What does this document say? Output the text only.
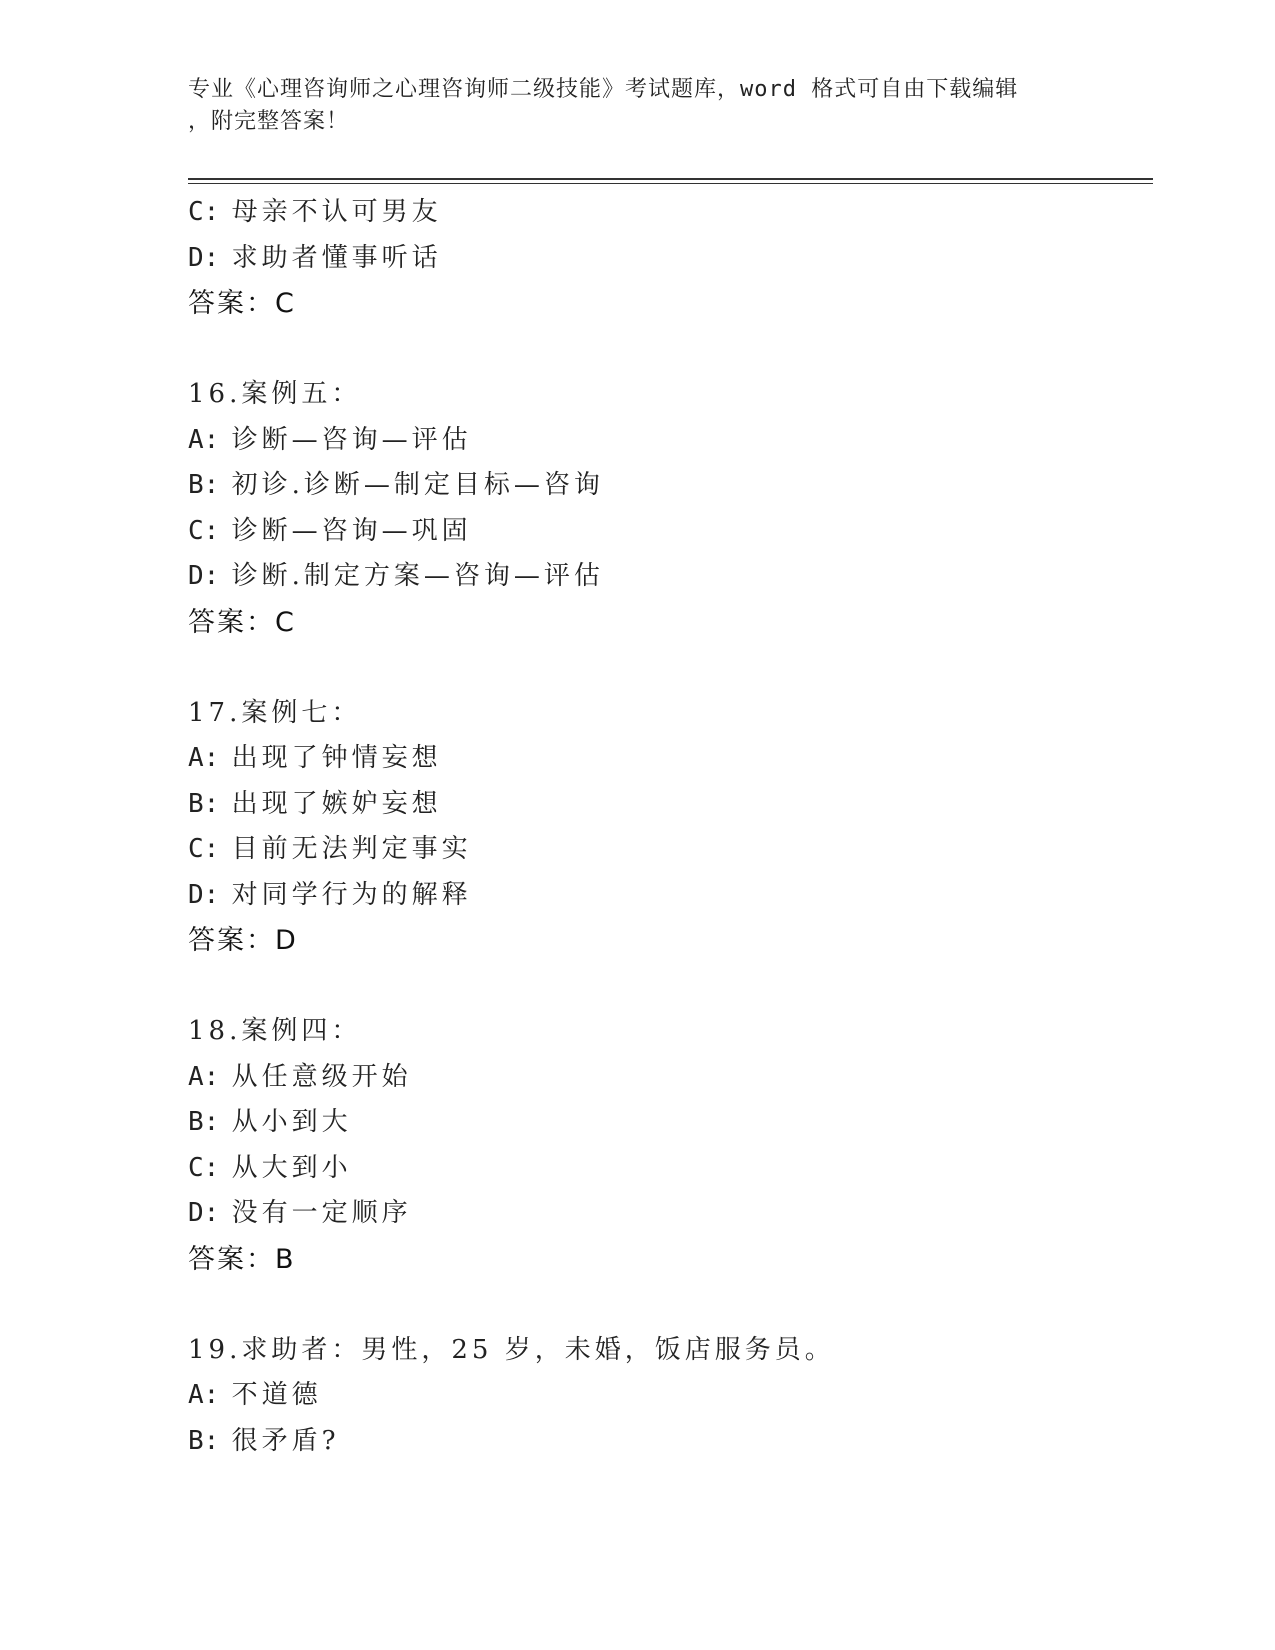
专业《心理咨询师之心理咨询师二级技能》考试题库，word 格式可自由下载编辑
，附完整答案！
C: 母亲不认可男友
D: 求助者懂事听话
答案：C
16.案例五：
A: 诊断—咨询—评估
B: 初诊.诊断—制定目标—咨询
C: 诊断—咨询—巩固
D: 诊断.制定方案—咨询—评估
答案：C
17.案例七：
A: 出现了钟情妄想
B: 出现了嫉妒妄想
C: 目前无法判定事实
D: 对同学行为的解释
答案：D
18.案例四：
A: 从任意级开始
B: 从小到大
C: 从大到小
D: 没有一定顺序
答案：B
19.求助者：男性，25 岁，未婚，饭店服务员。
A: 不道德
B: 很矛盾?
